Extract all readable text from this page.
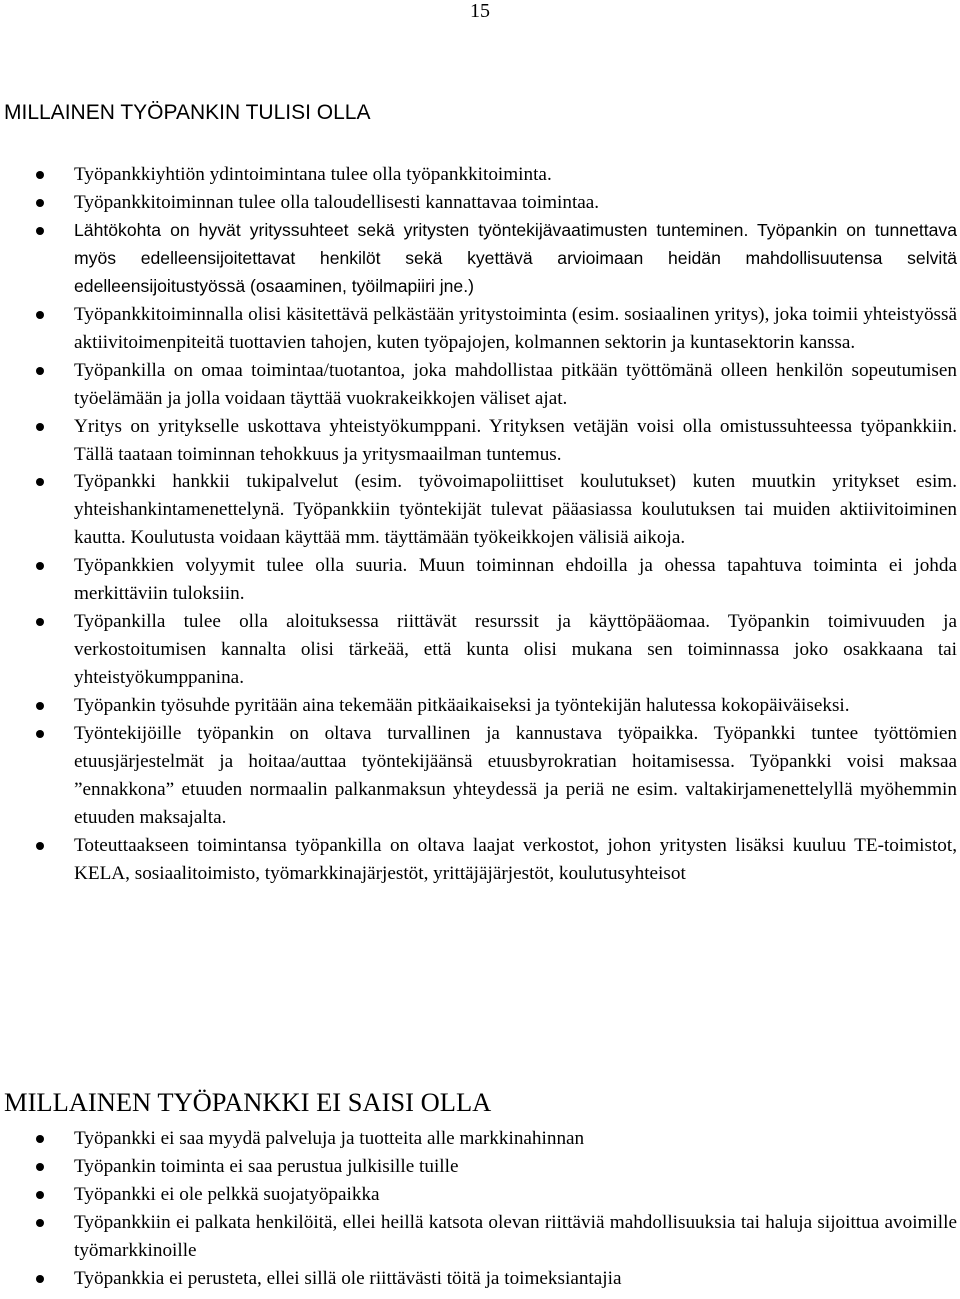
15
MILLAINEN TYÖPANKIN TULISI OLLA
Työpankkiyhtiön ydintoimintana tulee olla työpankkitoiminta.
Työpankkitoiminnan tulee olla taloudellisesti kannattavaa toimintaa.
Lähtökohta on hyvät yrityssuhteet sekä yritysten työntekijävaatimusten tunteminen. Työpankin on tunnettava myös edelleensijoitettavat henkilöt sekä kyettävä arvioimaan heidän mahdollisuutensa selvitä edelleensijoitustyössä (osaaminen, työilmapiiri jne.)
Työpankkitoiminnalla olisi käsitettävä pelkästään yritystoiminta (esim. sosiaalinen yritys), joka toimii yhteistyössä aktiivitoimenpiteitä tuottavien tahojen, kuten työpajojen, kolmannen sektorin ja kuntasektorin kanssa.
Työpankilla on omaa toimintaa/tuotantoa, joka mahdollistaa pitkään työttömänä olleen henkilön sopeutumisen työelämään ja jolla voidaan täyttää vuokrakeikkojen väliset ajat.
Yritys on yritykselle uskottava yhteistyökumppani. Yrityksen vetäjän voisi olla omistussuhteessa työpankkiin. Tällä taataan toiminnan tehokkuus ja yritysmaailman tuntemus.
Työpankki hankkii tukipalvelut (esim. työvoimapoliittiset koulutukset) kuten muutkin yritykset esim. yhteishankintamenettelynä. Työpankkiin työntekijät tulevat pääasiassa koulutuksen tai muiden aktiivitoiminen kautta. Koulutusta voidaan käyttää mm. täyttämään työkeikkojen välisiä aikoja.
Työpankkien volyymit tulee olla suuria. Muun toiminnan ehdoilla ja ohessa tapahtuva toiminta ei johda merkittäviin tuloksiin.
Työpankilla tulee olla aloituksessa riittävät resurssit ja käyttöpääomaa. Työpankin toimivuuden ja verkostoitumisen kannalta olisi tärkeää, että kunta olisi mukana sen toiminnassa joko osakkaana tai yhteistyökumppanina.
Työpankin työsuhde pyritään aina tekemään pitkäaikaiseksi ja työntekijän halutessa kokopäiväiseksi.
Työntekijöille työpankin on oltava turvallinen ja kannustava työpaikka. Työpankki tuntee työttömien etuusjärjestelmät ja hoitaa/auttaa työntekijäänsä etuusbyrokratian hoitamisessa. Työpankki voisi maksaa ”ennakkona” etuuden normaalin palkanmaksun yhteydessä ja periä ne esim. valtakirjamenettelyllä myöhemmin etuuden maksajalta.
Toteuttaakseen toimintansa työpankilla on oltava laajat verkostot, johon yritysten lisäksi kuuluu TE-toimistot, KELA, sosiaalitoimisto, työmarkkinajärjestöt, yrittäjäjärjestöt, koulutusyhteisot
MILLAINEN TYÖPANKKI EI SAISI OLLA
Työpankki ei saa myydä palveluja ja tuotteita alle markkinahinnan
Työpankin toiminta ei saa perustua julkisille tuille
Työpankki ei ole pelkkä suojatyöpaikka
Työpankkiin ei palkata henkilöitä, ellei heillä katsota olevan riittäviä mahdollisuuksia tai haluja sijoittua avoimille työmarkkinoille
Työpankkia ei perusteta, ellei sillä ole riittävästi töitä ja toimeksiantajia
